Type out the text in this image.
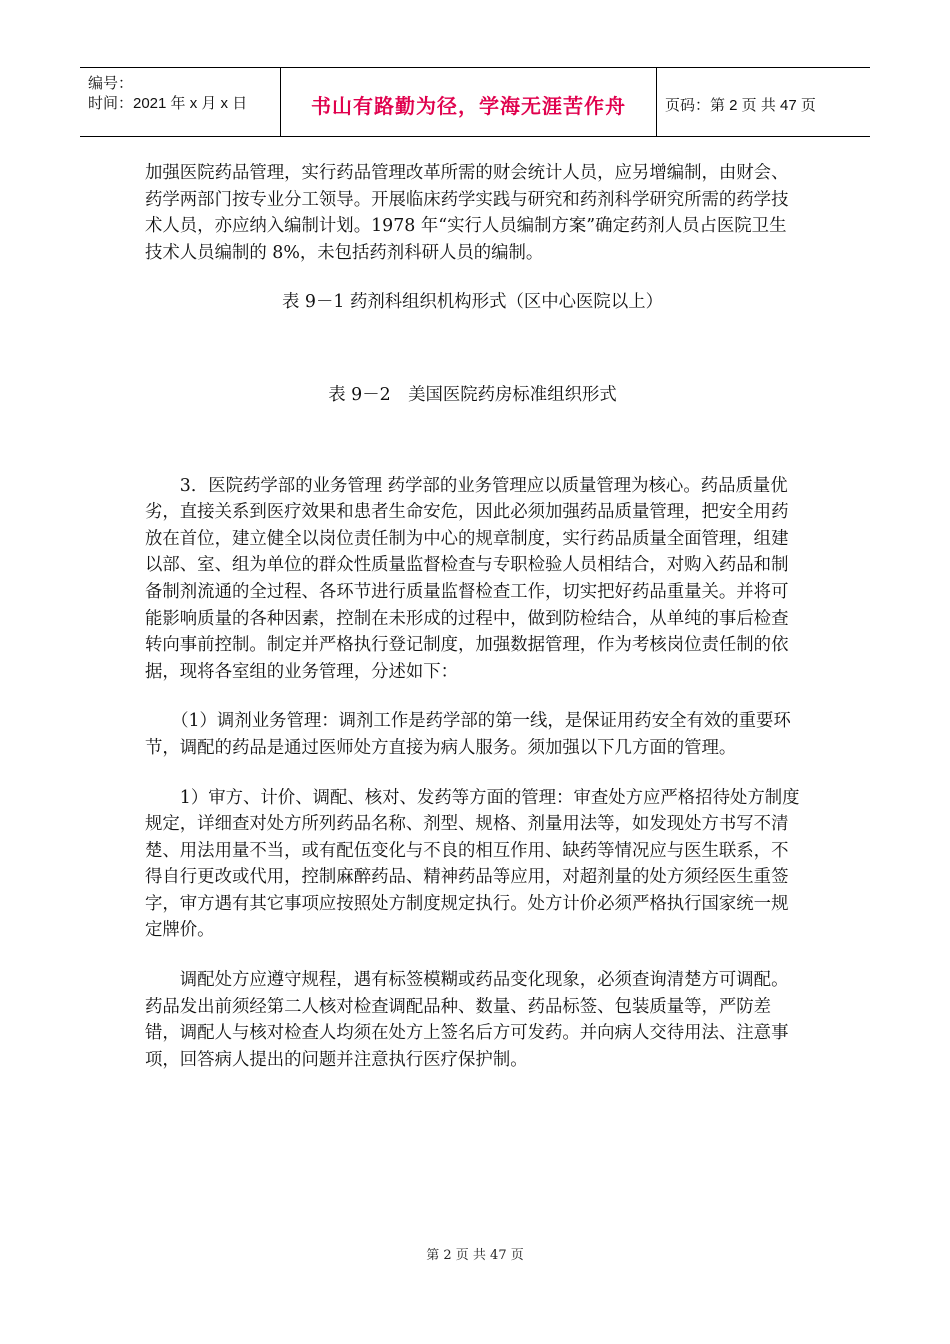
编号：
时间：2021 年 x 月 x 日	书山有路勤为径，学海无涯苦作舟	页码：第 2 页 共 47 页

加强医院药品管理，实行药品管理改革所需的财会统计人员，应另增编制，由财会、药学两部门按专业分工领导。开展临床药学实践与研究和药剂科学研究所需的药学技术人员，亦应纳入编制计划。1978 年“实行人员编制方案”确定药剂人员占医院卫生技术人员编制的 8%，未包括药剂科研人员的编制。

表 9－1 药剂科组织机构形式（区中心医院以上）

表 9－2　美国医院药房标准组织形式

　　3．医院药学部的业务管理 药学部的业务管理应以质量管理为核心。药品质量优劣，直接关系到医疗效果和患者生命安危，因此必须加强药品质量管理，把安全用药放在首位，建立健全以岗位责任制为中心的规章制度，实行药品质量全面管理，组建以部、室、组为单位的群众性质量监督检查与专职检验人员相结合，对购入药品和制备制剂流通的全过程、各环节进行质量监督检查工作，切实把好药品重量关。并将可能影响质量的各种因素，控制在未形成的过程中，做到防检结合，从单纯的事后检查转向事前控制。制定并严格执行登记制度，加强数据管理，作为考核岗位责任制的依据，现将各室组的业务管理，分述如下：

　　（1）调剂业务管理：调剂工作是药学部的第一线，是保证用药安全有效的重要环节，调配的药品是通过医师处方直接为病人服务。须加强以下几方面的管理。

　　1）审方、计价、调配、核对、发药等方面的管理：审查处方应严格招待处方制度规定，详细查对处方所列药品名称、剂型、规格、剂量用法等，如发现处方书写不清楚、用法用量不当，或有配伍变化与不良的相互作用、缺药等情况应与医生联系，不得自行更改或代用，控制麻醉药品、精神药品等应用，对超剂量的处方须经医生重签字，审方遇有其它事项应按照处方制度规定执行。处方计价必须严格执行国家统一规定牌价。

　　调配处方应遵守规程，遇有标签模糊或药品变化现象，必须查询清楚方可调配。药品发出前须经第二人核对检查调配品种、数量、药品标签、包装质量等，严防差错，调配人与核对检查人均须在处方上签名后方可发药。并向病人交待用法、注意事项，回答病人提出的问题并注意执行医疗保护制。

第 2 页 共 47 页
